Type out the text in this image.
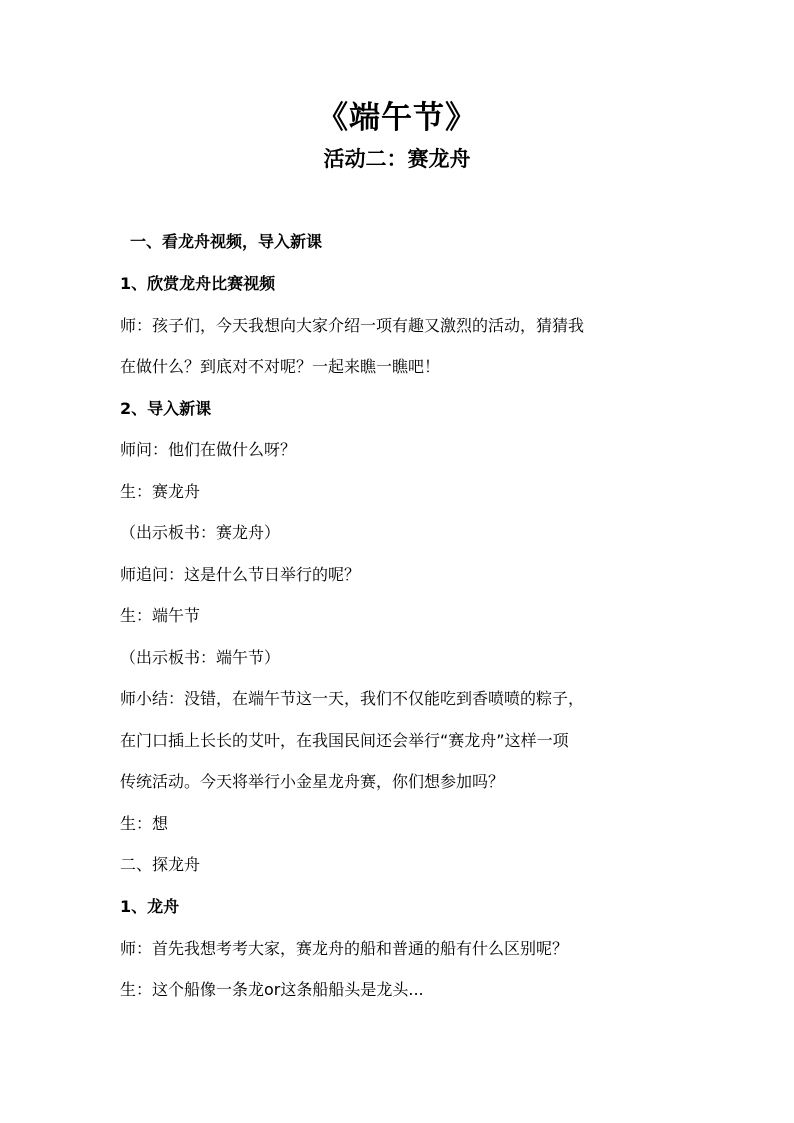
《端午节》
活动二：赛龙舟
一、看龙舟视频，导入新课
1、欣赏龙舟比赛视频
师：孩子们，今天我想向大家介绍一项有趣又激烈的活动，猜猜我
在做什么？到底对不对呢？一起来瞧一瞧吧！
2、导入新课
师问：他们在做什么呀？
生：赛龙舟
（出示板书：赛龙舟）
师追问：这是什么节日举行的呢？
生：端午节
（出示板书：端午节）
师小结：没错，在端午节这一天，我们不仅能吃到香喷喷的粽子，
在门口插上长长的艾叶，在我国民间还会举行“赛龙舟”这样一项
传统活动。今天将举行小金星龙舟赛，你们想参加吗？
生：想
二、探龙舟
1、龙舟
师：首先我想考考大家，赛龙舟的船和普通的船有什么区别呢？
生：这个船像一条龙or这条船船头是龙头...
